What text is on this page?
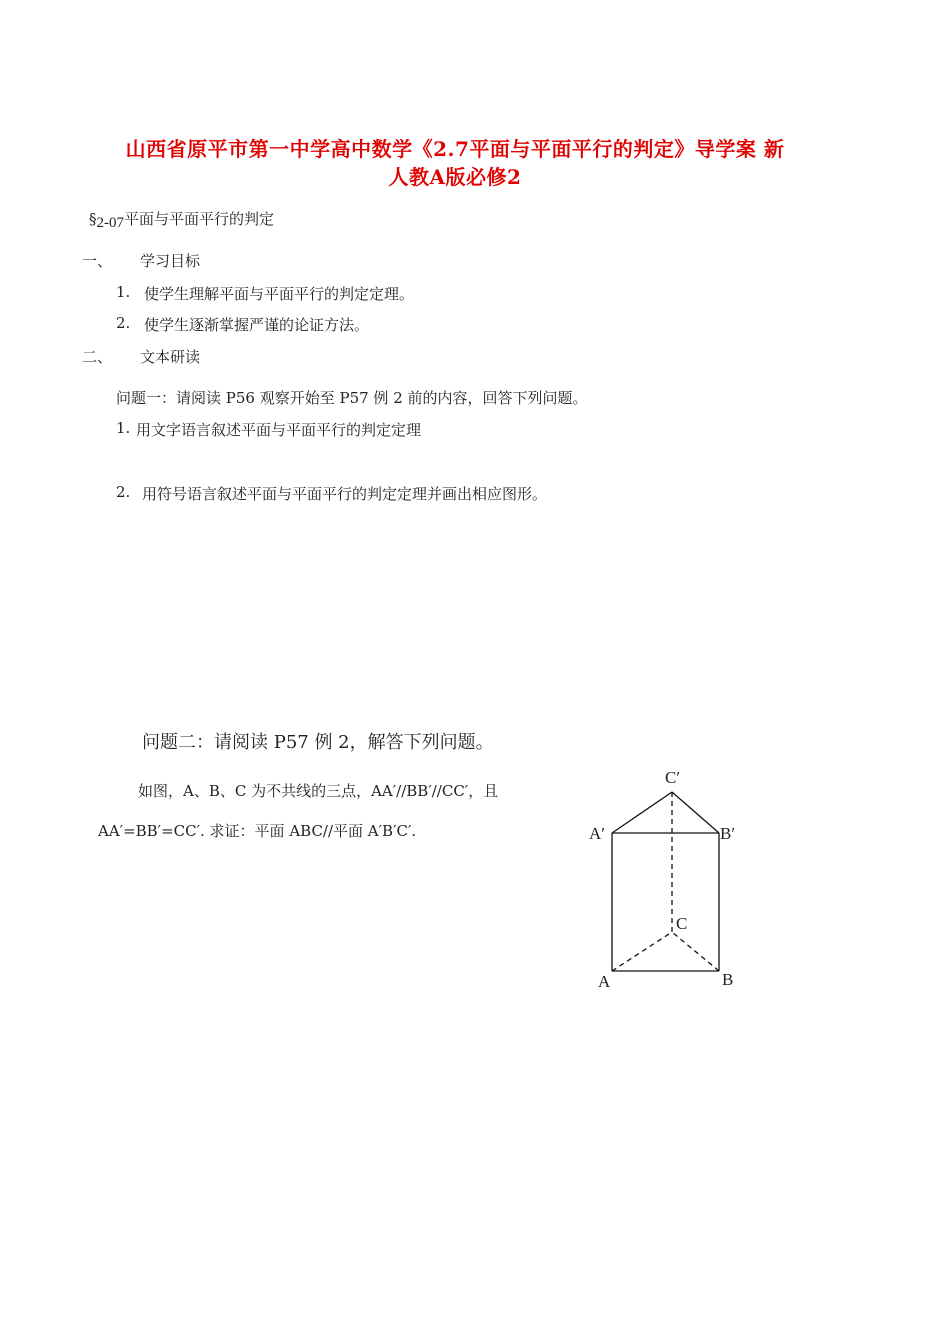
山西省原平市第一中学高中数学《2.7平面与平面平行的判定》导学案 新
人教A版必修2
§2-07平面与平面平行的判定
一、 学习目标
1. 使学生理解平面与平面平行的判定定理。
2. 使学生逐渐掌握严谨的论证方法。
二、 文本研读
问题一：请阅读 P56 观察开始至 P57 例 2 前的内容，回答下列问题。
1. 用文字语言叙述平面与平面平行的判定定理
2. 用符号语言叙述平面与平面平行的判定定理并画出相应图形。
问题二：请阅读 P57 例 2，解答下列问题。
如图，A、B、C 为不共线的三点，AA′//BB′//CC′，且
AA′=BB′=CC′. 求证：平面 ABC//平面 A′B′C′.
C′
A′	B′
C
A	B
